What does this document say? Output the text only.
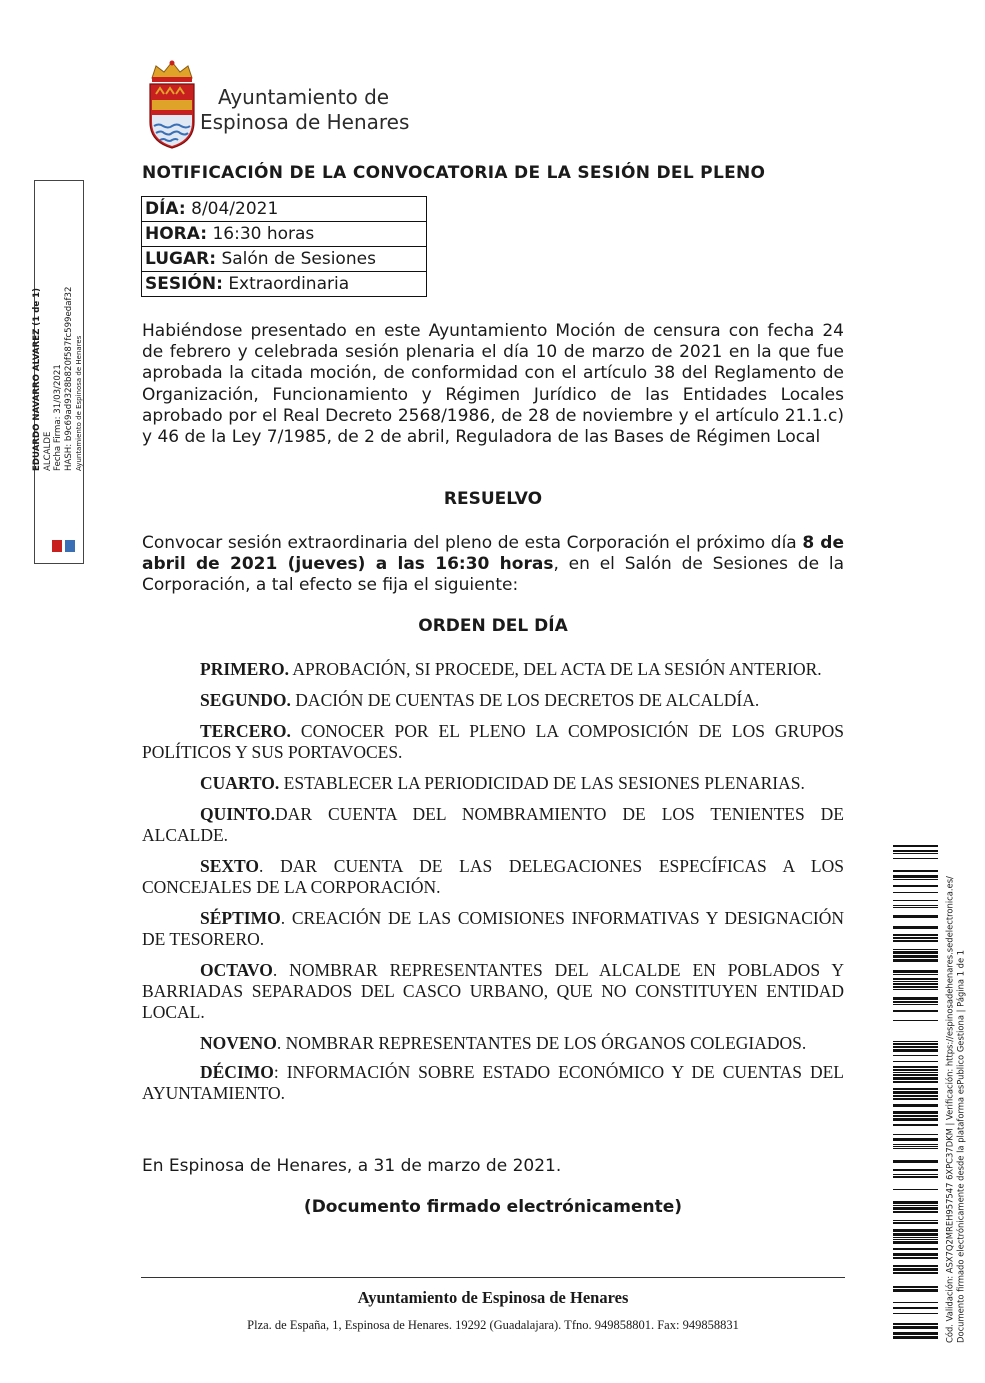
Ayuntamiento de
Espinosa de Henares
NOTIFICACIÓN DE LA CONVOCATORIA DE LA SESIÓN DEL PLENO
DÍA: 8/04/2021
HORA: 16:30 horas
LUGAR: Salón de Sesiones
SESIÓN: Extraordinaria
Habiéndose presentado en este Ayuntamiento Moción de censura con fecha 24 de febrero y celebrada sesión plenaria el día 10 de marzo de 2021 en la que fue aprobada la citada moción, de conformidad con el artículo 38 del Reglamento de Organización, Funcionamiento y Régimen Jurídico de las Entidades Locales aprobado por el Real Decreto 2568/1986, de 28 de noviembre y el artículo 21.1.c) y 46 de la Ley 7/1985, de 2 de abril, Reguladora de las Bases de Régimen Local
RESUELVO
Convocar sesión extraordinaria del pleno de esta Corporación el próximo día 8 de abril de 2021 (jueves) a las 16:30 horas, en el Salón de Sesiones de la Corporación, a tal efecto se fija el siguiente:
ORDEN DEL DÍA
PRIMERO. APROBACIÓN, SI PROCEDE, DEL ACTA DE LA SESIÓN ANTERIOR.
SEGUNDO. DACIÓN DE CUENTAS DE LOS DECRETOS DE ALCALDÍA.
TERCERO. CONOCER POR EL PLENO LA COMPOSICIÓN DE LOS GRUPOS POLÍTICOS Y SUS PORTAVOCES.
CUARTO. ESTABLECER LA PERIODICIDAD DE LAS SESIONES PLENARIAS.
QUINTO.DAR CUENTA DEL NOMBRAMIENTO DE LOS TENIENTES DE ALCALDE.
SEXTO. DAR CUENTA DE LAS DELEGACIONES ESPECÍFICAS A LOS CONCEJALES DE LA CORPORACIÓN.
SÉPTIMO. CREACIÓN DE LAS COMISIONES INFORMATIVAS Y DESIGNACIÓN DE TESORERO.
OCTAVO. NOMBRAR REPRESENTANTES DEL ALCALDE EN POBLADOS Y BARRIADAS SEPARADOS DEL CASCO URBANO, QUE NO CONSTITUYEN ENTIDAD LOCAL.
NOVENO. NOMBRAR REPRESENTANTES DE LOS ÓRGANOS COLEGIADOS.
DÉCIMO: INFORMACIÓN SOBRE ESTADO ECONÓMICO Y DE CUENTAS DEL AYUNTAMIENTO.
En Espinosa de Henares, a 31 de marzo de 2021.
(Documento firmado electrónicamente)
Ayuntamiento de Espinosa de Henares
Plza. de España, 1, Espinosa de Henares. 19292 (Guadalajara). Tfno. 949858801. Fax: 949858831
EDUARDO NAVARRO ÁLVAREZ (1 de 1) ALCALDE Fecha Firma: 31/03/2021 HASH: b9c69ad9328b820f587fc599edaf32 Ayuntamiento de Espinosa de Henares
Cód. Validación: ASX7Q2MREH957547 6XPC37DKM | Verificación: https://espinosadehenares.sedelectronica.es/ Documento firmado electrónicamente desde la plataforma esPublico Gestiona | Página 1 de 1
